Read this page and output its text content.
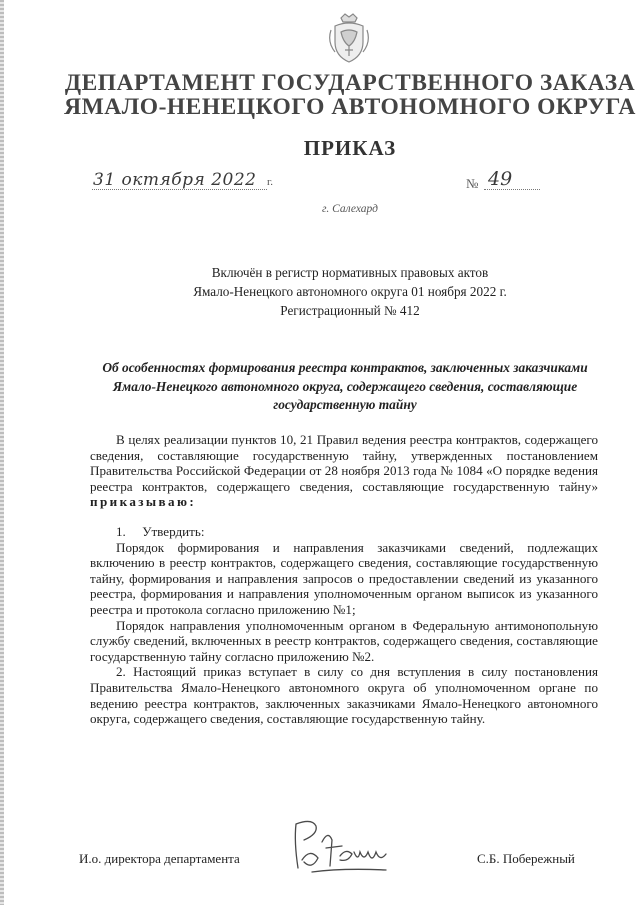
ДЕПАРТАМЕНТ ГОСУДАРСТВЕННОГО ЗАКАЗА
ЯМАЛО-НЕНЕЦКОГО АВТОНОМНОГО ОКРУГА
ПРИКАЗ
31 октября 2022 г.	№ 49
г. Салехард
Включён в регистр нормативных правовых актов
Ямало-Ненецкого автономного округа 01 ноября 2022 г.
Регистрационный № 412
Об особенностях формирования реестра контрактов, заключенных заказчиками Ямало-Ненецкого автономного округа, содержащего сведения, составляющие государственную тайну

В целях реализации пунктов 10, 21 Правил ведения реестра контрактов, содержащего сведения, составляющие государственную тайну, утвержденных постановлением Правительства Российской Федерации от 28 ноября 2013 года № 1084 «О порядке ведения реестра контрактов, содержащего сведения, составляющие государственную тайну» приказываю:

1.     Утвердить:

Порядок формирования и направления заказчиками сведений, подлежащих включению в реестр контрактов, содержащего сведения, составляющие государственную тайну, формирования и направления запросов о предоставлении сведений из указанного реестра, формирования и направления уполномоченным органом выписок из указанного реестра и протокола согласно приложению №1;

Порядок направления уполномоченным органом в Федеральную антимонопольную службу сведений, включенных в реестр контрактов, содержащего сведения, составляющие государственную тайну согласно приложению №2.

2. Настоящий приказ вступает в силу со дня вступления в силу постановления Правительства Ямало-Ненецкого автономного округа об уполномоченном органе по ведению реестра контрактов, заключенных заказчиками Ямало-Ненецкого автономного округа, содержащего сведения, составляющие государственную тайну.

И.о. директора департамента	С.Б. Побережный
